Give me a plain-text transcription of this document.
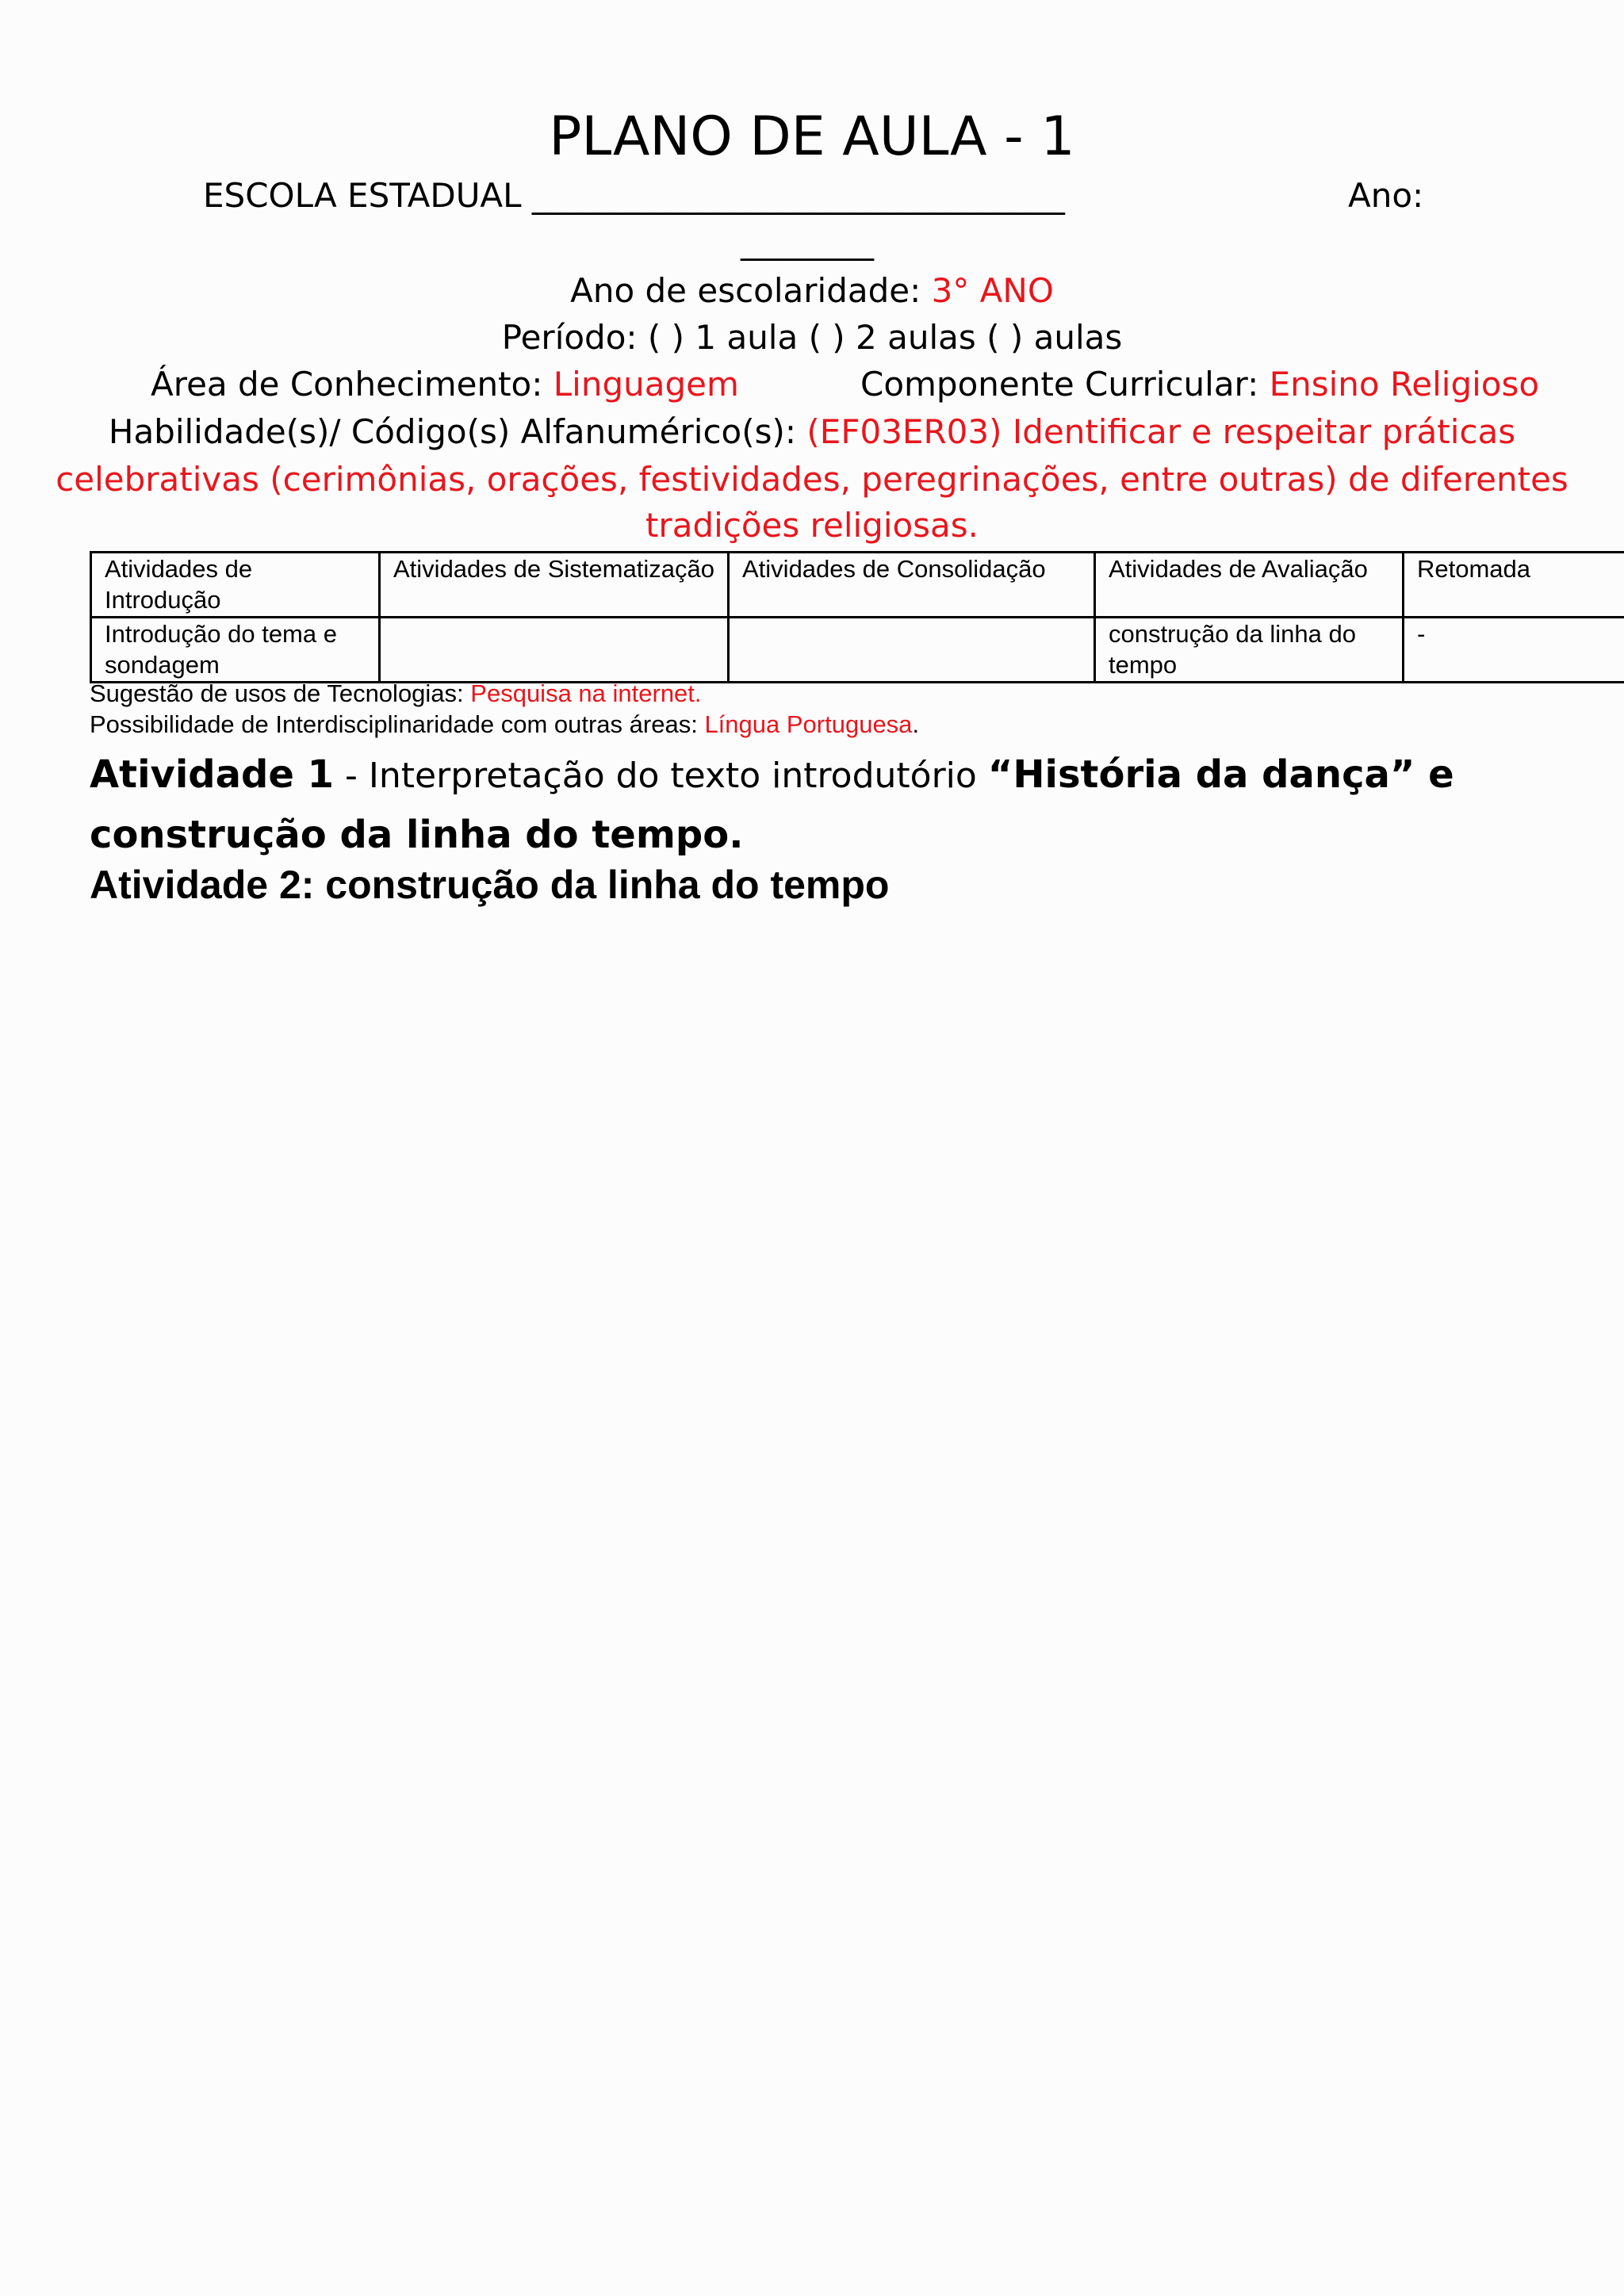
PLANO DE AULA - 1
ESCOLA ESTADUAL ________________________________	Ano:
________
Ano de escolaridade: 3° ANO
Período: ( ) 1 aula ( ) 2 aulas ( ) aulas
Área de Conhecimento: Linguagem	Componente Curricular: Ensino Religioso
Habilidade(s)/ Código(s) Alfanumérico(s): (EF03ER03) Identificar e respeitar práticas
celebrativas (cerimônias, orações, festividades, peregrinações, entre outras) de diferentes
tradições religiosas.
Atividades de Introdução	Atividades de Sistematização	Atividades de Consolidação	Atividades de Avaliação	Retomada
Introdução do tema e sondagem			construção da linha do tempo	-
Sugestão de usos de Tecnologias: Pesquisa na internet.
Possibilidade de Interdisciplinaridade com outras áreas: Língua Portuguesa.
Atividade 1 - Interpretação do texto introdutório “História da dança” e
construção da linha do tempo.
Atividade 2: construção da linha do tempo
